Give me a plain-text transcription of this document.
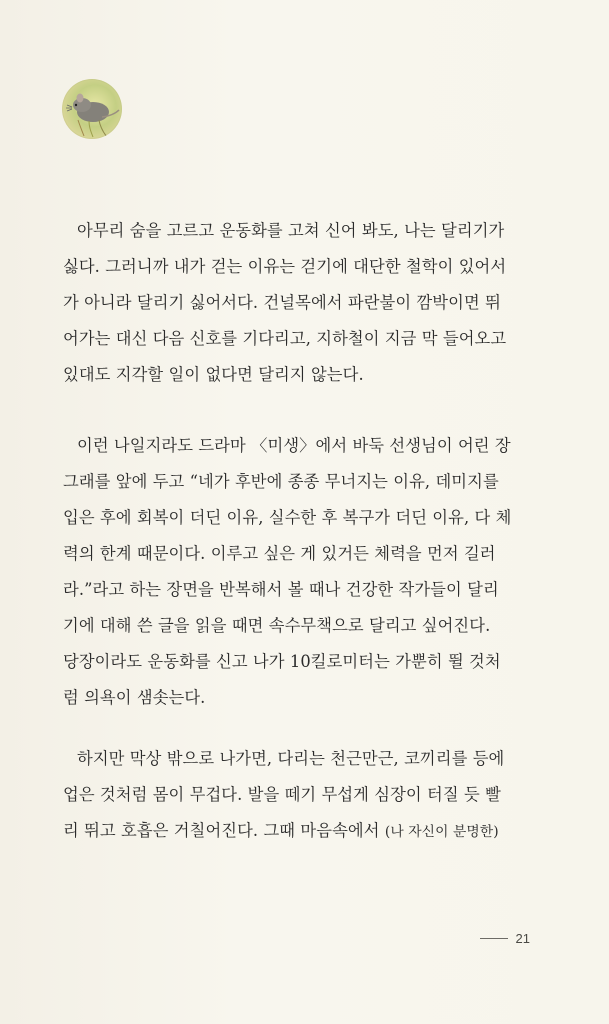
아무리 숨을 고르고 운동화를 고쳐 신어 봐도, 나는 달리기가
싫다. 그러니까 내가 걷는 이유는 걷기에 대단한 철학이 있어서
가 아니라 달리기 싫어서다. 건널목에서 파란불이 깜박이면 뛰
어가는 대신 다음 신호를 기다리고, 지하철이 지금 막 들어오고
있대도 지각할 일이 없다면 달리지 않는다.
이런 나일지라도 드라마 〈미생〉에서 바둑 선생님이 어린 장
그래를 앞에 두고 “네가 후반에 종종 무너지는 이유, 데미지를
입은 후에 회복이 더딘 이유, 실수한 후 복구가 더딘 이유, 다 체
력의 한계 때문이다. 이루고 싶은 게 있거든 체력을 먼저 길러
라.”라고 하는 장면을 반복해서 볼 때나 건강한 작가들이 달리
기에 대해 쓴 글을 읽을 때면 속수무책으로 달리고 싶어진다.
당장이라도 운동화를 신고 나가 10킬로미터는 가뿐히 뛸 것처
럼 의욕이 샘솟는다.
하지만 막상 밖으로 나가면, 다리는 천근만근, 코끼리를 등에
업은 것처럼 몸이 무겁다. 발을 떼기 무섭게 심장이 터질 듯 빨
리 뛰고 호흡은 거칠어진다. 그때 마음속에서 (나 자신이 분명한)
21
